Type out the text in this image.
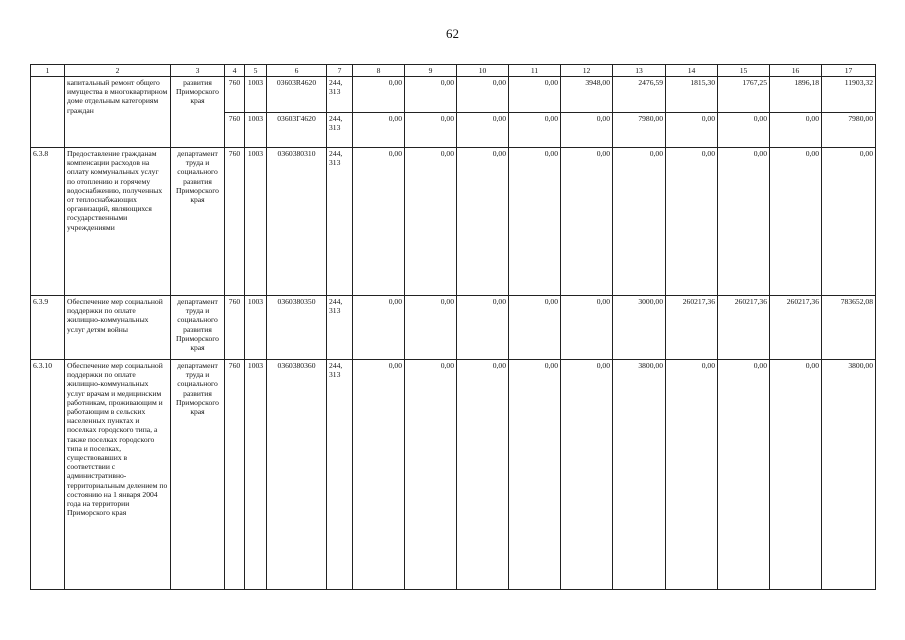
62
1	2	3	4	5	6	7	8	9	10	11	12	13	14	15	16	17
	капитальный ремонт общего имущества в многоквартирном доме отдельным категориям граждан	развития Приморского края	760	1003	03603R4620	244, 313	0,00	0,00	0,00	0,00	3948,00	2476,59	1815,30	1767,25	1896,18	11903,32
			760	1003	03603Г4620	244, 313	0,00	0,00	0,00	0,00	0,00	7980,00	0,00	0,00	0,00	7980,00
6.3.8	Предоставление гражданам компенсации расходов на оплату коммунальных услуг по отоплению и горячему водоснабжению, полученных от теплоснабжающих организаций, являющихся государственными учреждениями	департамент труда и социального развития Приморского края	760	1003	0360380310	244, 313	0,00	0,00	0,00	0,00	0,00	0,00	0,00	0,00	0,00	0,00
6.3.9	Обеспечение мер социальной поддержки по оплате жилищно-коммунальных услуг детям войны	департамент труда и социального развития Приморского края	760	1003	0360380350	244, 313	0,00	0,00	0,00	0,00	0,00	3000,00	260217,36	260217,36	260217,36	783652,08
6.3.10	Обеспечение мер социальной поддержки по оплате жилищно-коммунальных услуг врачам и медицинским работникам, проживающим и работающим в сельских населенных пунктах и поселках городского типа, а также поселках городского типа и поселках, существовавших в соответствии с административно-территориальным делением по состоянию на 1 января 2004 года на территории Приморского края	департамент труда и социального развития Приморского края	760	1003	0360380360	244, 313	0,00	0,00	0,00	0,00	0,00	3800,00	0,00	0,00	0,00	3800,00
